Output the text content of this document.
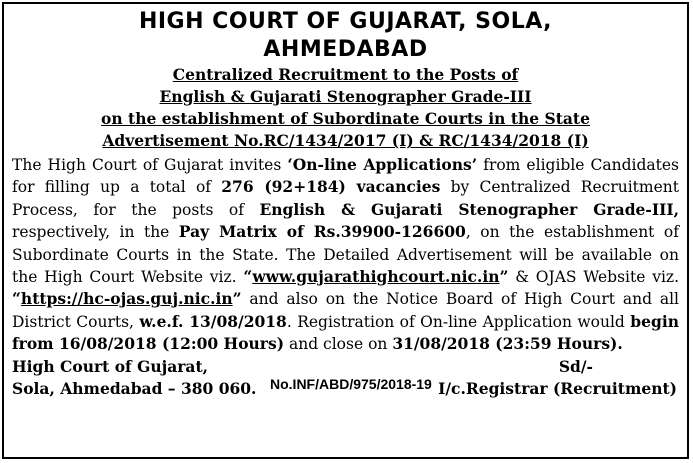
HIGH COURT OF GUJARAT, SOLA,

AHMEDABAD

Centralized Recruitment to the Posts of

English & Gujarati Stenographer Grade-III

on the establishment of Subordinate Courts in the State

Advertisement No.RC/1434/2017 (I) & RC/1434/2018 (I)

The High Court of Gujarat invites ‘On-line Applications’ from eligible Candidates for filling up a total of 276 (92+184) vacancies by Centralized Recruitment Process, for the posts of English & Gujarati Stenographer Grade-III, respectively, in the Pay Matrix of Rs.39900-126600, on the establishment of Subordinate Courts in the State. The Detailed Advertisement will be available on the High Court Website viz. “www.gujarathighcourt.nic.in” & OJAS Website viz. “https://hc-ojas.guj.nic.in” and also on the Notice Board of High Court and all District Courts, w.e.f. 13/08/2018. Registration of On-line Application would begin from 16/08/2018 (12:00 Hours) and close on 31/08/2018 (23:59 Hours).

High Court of Gujarat,
Sola, Ahmedabad – 380 060. No.INF/ABD/975/2018-19
Sd/-
I/c.Registrar (Recruitment)
